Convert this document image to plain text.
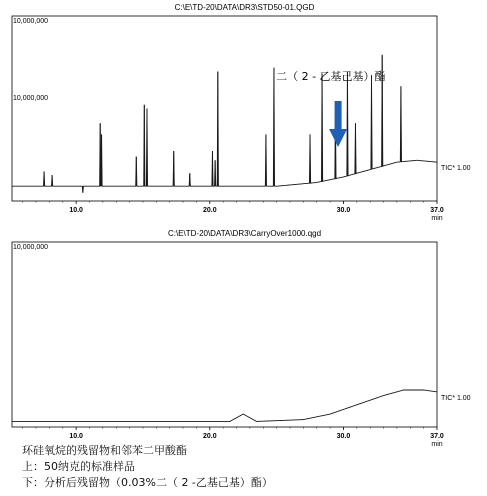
C:\E\TD-20\DATA\DR3\STD50-01.QGD
10,000,000
10,000,000
TIC* 1.00
10.0	20.0	30.0	37.0
min
二（ 2 - 乙基己基）酯
C:\E\TD-20\DATA\DR3\CarryOver1000.qgd
10,000,000
TIC* 1.00
10.0	20.0	30.0	37.0
min
环硅氧烷的残留物和邻苯二甲酸酯
上：50纳克的标准样品
下：分析后残留物（0.03%二（ 2 -乙基己基）酯）
